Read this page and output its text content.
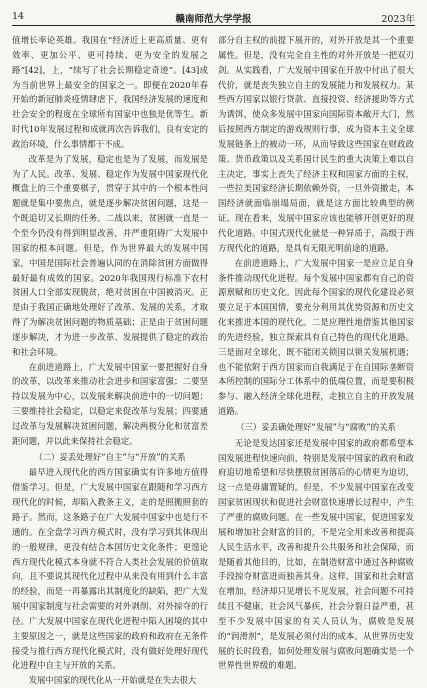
14	赣南师范大学学报	2023年

值增长率论英雄。我国在“经济近上更高质量、更有效率、更加公平、更可持续、更为安全的发展之路”[42]，上，“续写了社会长期稳定奇迹”。[43]成为当前世界上最安全的国家之一。即便在2020年春开始的新冠肺炎疫情肆虐下，我国经济发展的速度和社会安全的程度在全球所有国家中也独是优等生。新时代10年发展过程和成就再次告诉我们，良有安定的政治环境，什么事情都干不成。

改革是为了发展，稳定也是为了发展，而发展是为了人民。改革、发展、稳定作为发展中国家现代化概盘上的三个重要棋子，贯穿于其中的一个根本性问题就是集中要焦点，就是逐步解决贫困问题，这是一个既追切又长期的任务。二战以来，贫困就一直是一个至今仍没有得到明显改善，并严重阻碍广大发展中国家的根本问题。但是，作为世界最大的发展中国家，中国是国际社会普遍认同的在消除贫困方面做得最好最有成效的国家。2020年我国现行标准下农村贫困人口全部实现脱贫，绝对贫困在中国被消灭。正是由于我国正确地处理好了改革、发展的关系，才取得了为解决贫困问题的物质基础；正是由于贫困问题逐步解决，才为进一步改革、发展提供了稳定的政治和社会环境。

在前进道路上，广大发展中国家一要把握好自身的改革，以改革来推动社会进步和国家富强；二要坚持以发展为中心，以发展来解决前进中的一切问题；三要维持社会稳定，以稳定来促改革与发展；四要通过改革与发展解决贫困问题，解决两极分化和贫富差距问题，并以此来保持社会稳定。

（二）妥丢处理好“自主”与“开放”的关系

最早进入现代化的西方国家确实有许多地方值得借鉴学习。但是，广大发展中国家在跟随和学习西方现代化的时候，却陷入教条主义，走的是照搬照套的路子。然而，这条路子在广大发展中国家中也是行不通的。在全盘学习西方模式时，没有学习到其体现出的一般规律，更没有结合本国历史文化条件；更遑论西方现代化模式本身就不符合人类社会发展的价值取向，且不要说其现代化过程中从来没有用到什么丰富的经验，而是一再暴露出其制度化的缺陷，把广大发展中国家制度与社会需要的对外剥削、对外掠夺的行径。广大发展中国家在现代化进程中陷入困境的其中主要原因之一，就是这些国家的政府和政府在无条件接受与推行西方现代化模式时，没有做好处理好现代化进程中自主与开放的关系。

发展中国家的现代化从一开始就是在失去很大

部分自主权的前提下展开的，对外开放是其一个重要属性。但是，没有完全自主性的对外开放是一把双刃剑。从实践看，广大发展中国家在开放中付出了很大代价，就是丧失独立自主的发展能力和发展权力。某些西方国家以银行贷款、直接投资、经济援助等方式为诱饵，使众多发展中国家向国际资本敞开大门，然后按照西方制定的游戏规则行事，成为资本主义全球发展链条上的被动一环，从而导致这些国家在财政政策、货币政策以及关系国计民生的重大决策上难以自主决定，事实上丧失了经济主权和国家方面的主权，一些拉美国家经济长期依赖外资，一旦外资撤走，本国经济就面临崩塌局面，就是这方面比较典型的例证。现在看来，发展中国家应该也能够开创更好的现代化道路。中国式现代化就是一种异质于，高级于西方现代化的道路，是具有无限光明前途的道路。

在前进道路上，广大发展中国家一是应立足自身条件推动现代化进程。每个发展中国家都有自己的资源禀赋和历史文化。因此每个国家的现代化建设必须要立足于本国国情，要充分利用其优势资源和历史文化来推进本国的现代化。二是应理性地借鉴其他国家的先进经验，独立探索具有自己特色的现代化道路。三是面对全球化，既不能闭关锁国以锁关发展机遇；也不能依附于西方国家而自我满足于在自国际垄断资本所控制的国际分工体系中的低端位置，而是要积极参与、融入经济全球化进程，走独立自主的开放发展道路。

（三）妥丢确处理好“发展”与“腐败”的关系

无论是发达国家还是发展中国家的政府都希望本国发展进程快速向前，特别是发展中国家的政府和政府追切地希望和尽快摆脱贫困落后的心情更为迫切，这一点是毋庸置疑的。但是，不少发展中国家在改变国家贫困现状和促进社会财富快速增长过程中，产生了严重的腐败问题。在一些发展中国家，促进国家发展和增加社会财富的目的，不是完全用来改善和提高人民生活水平，改善和提升公共服务和社会保障，而是随着其他目的，比如，在制造财富中通过各种腐败手段掠夺财富进而独善其身。这样，国家和社会财富在增加，经济却只见增长不见发展，社会问题不可持续且不健康，社会风气暴疾，社会分裂日益严重，甚至不少发展中国家的有关人员认为，腐败是发展的“润滑剂”，是发展必须付出的成本。从世界历史发展的长时段看，如何处理发展与腐败问题确实是一个世界性世界级的难题。
